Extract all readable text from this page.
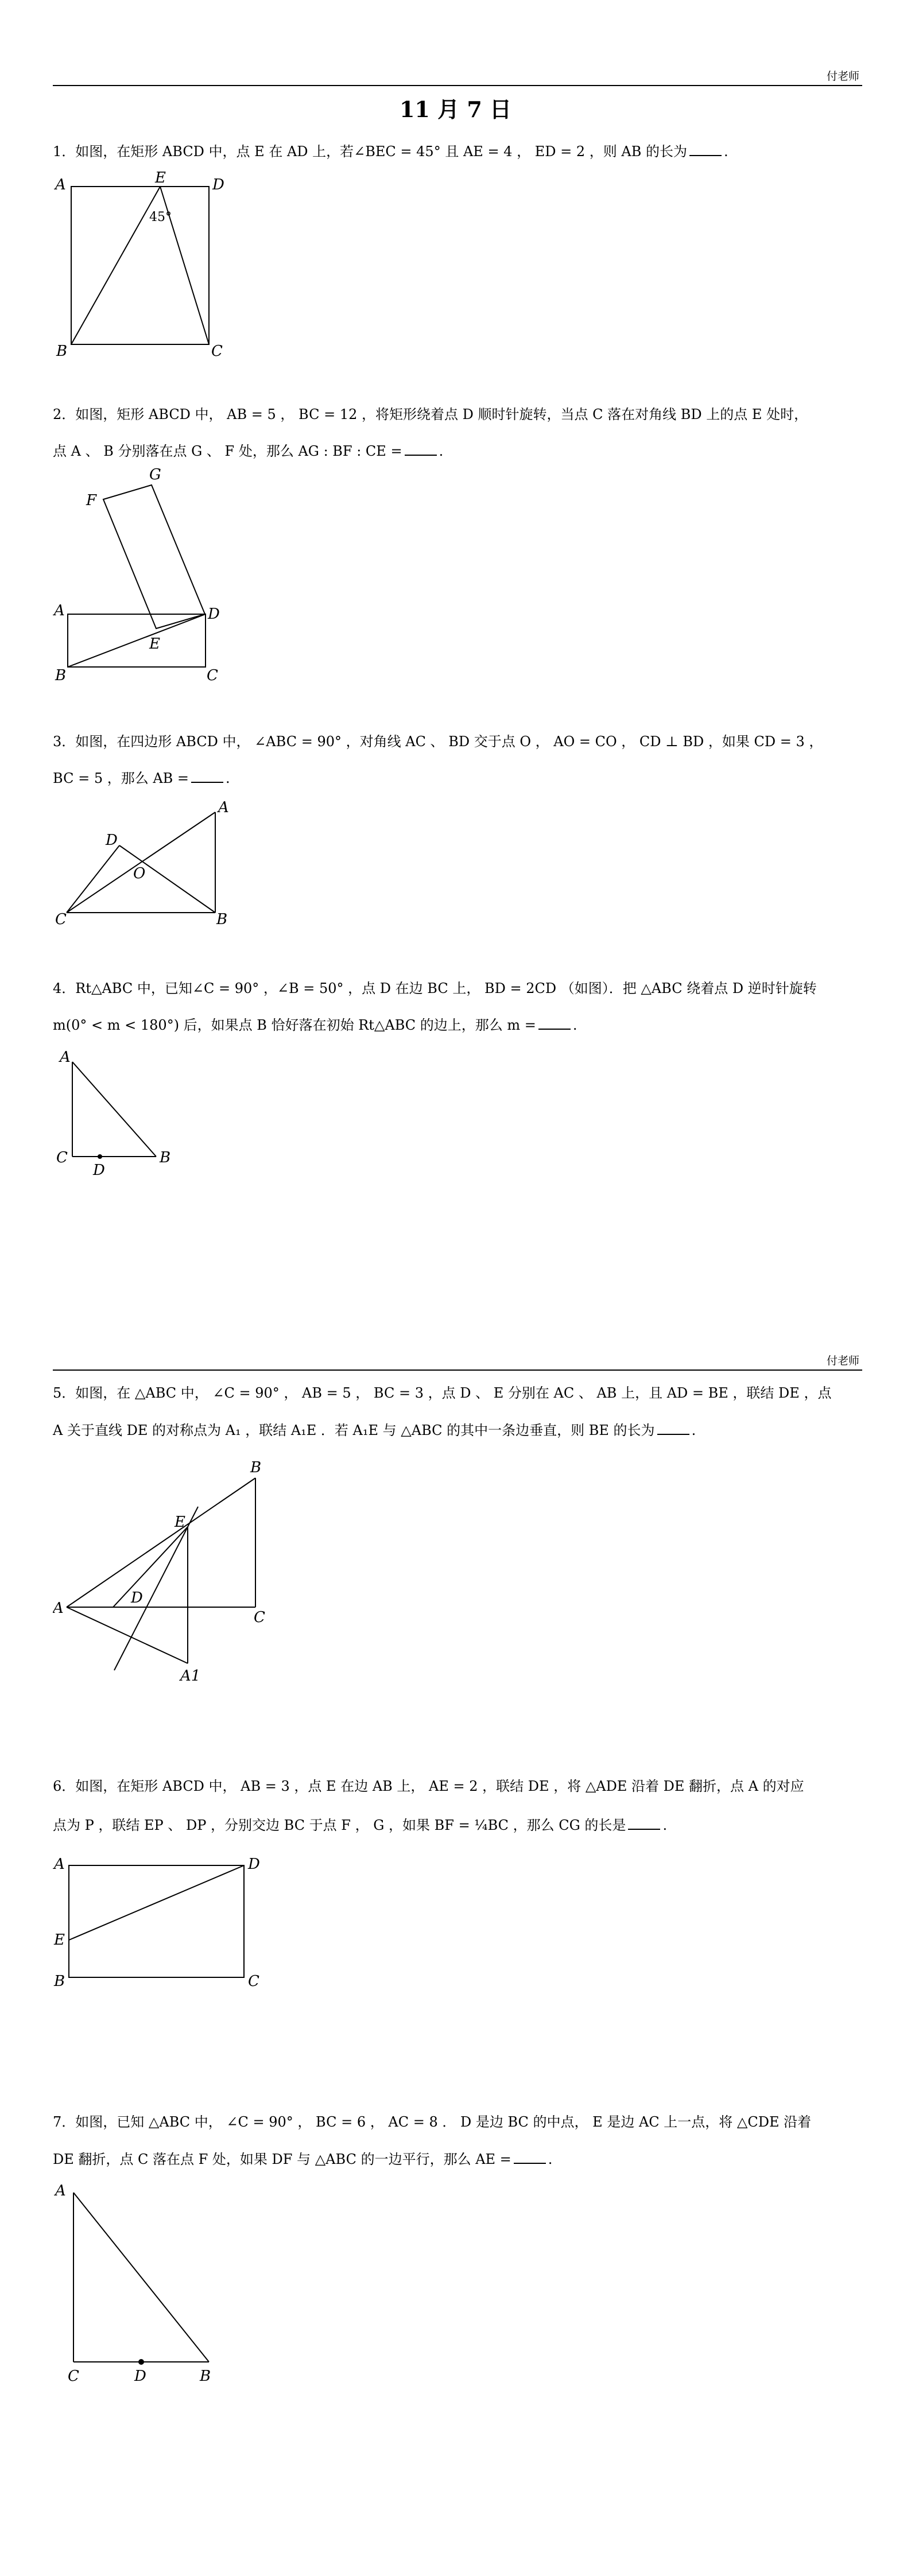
付老师
11 月 7 日
1．如图，在矩形 ABCD 中，点 E 在 AD 上，若∠BEC = 45° 且 AE = 4 ， ED = 2 ，则 AB 的长为	.
A	E	D
B	C
45°
2．如图，矩形 ABCD 中， AB = 5 ， BC = 12 ，将矩形绕着点 D 顺时针旋转，当点 C 落在对角线 BD 上的点 E 处时，
点 A 、 B 分别落在点 G 、 F 处，那么 AG : BF : CE =	.
G
F
A	D
E
B	C
3．如图，在四边形 ABCD 中， ∠ABC = 90° ，对角线 AC 、 BD 交于点 O ， AO = CO ， CD ⊥ BD ，如果 CD = 3 ，
BC = 5 ，那么 AB =	.
A
D
O
C	B
4．Rt△ABC 中，已知∠C = 90° ，∠B = 50° ，点 D 在边 BC 上， BD = 2CD （如图）．把 △ABC 绕着点 D 逆时针旋转
m(0° < m < 180°) 后，如果点 B 恰好落在初始 Rt△ABC 的边上，那么 m =	.
A
C
D
B
付老师
5．如图，在 △ABC 中， ∠C = 90° ， AB = 5 ， BC = 3 ，点 D 、 E 分别在 AC 、 AB 上，且 AD = BE ，联结 DE ，点
A 关于直线 DE 的对称点为 A₁ ，联结 A₁E ．若 A₁E 与 △ABC 的其中一条边垂直，则 BE 的长为	.
B
E
D
A
C
A1
6．如图，在矩形 ABCD 中， AB = 3 ，点 E 在边 AB 上， AE = 2 ，联结 DE ，将 △ADE 沿着 DE 翻折，点 A 的对应
点为 P ，联结 EP 、 DP ，分别交边 BC 于点 F ， G ，如果 BF = ¼BC ，那么 CG 的长是	.
A	D
E
B	C
7．如图，已知 △ABC 中， ∠C = 90° ， BC = 6 ， AC = 8 ． D 是边 BC 的中点， E 是边 AC 上一点，将 △CDE 沿着
DE 翻折，点 C 落在点 F 处，如果 DF 与 △ABC 的一边平行，那么 AE =	.
A
C	D	B
